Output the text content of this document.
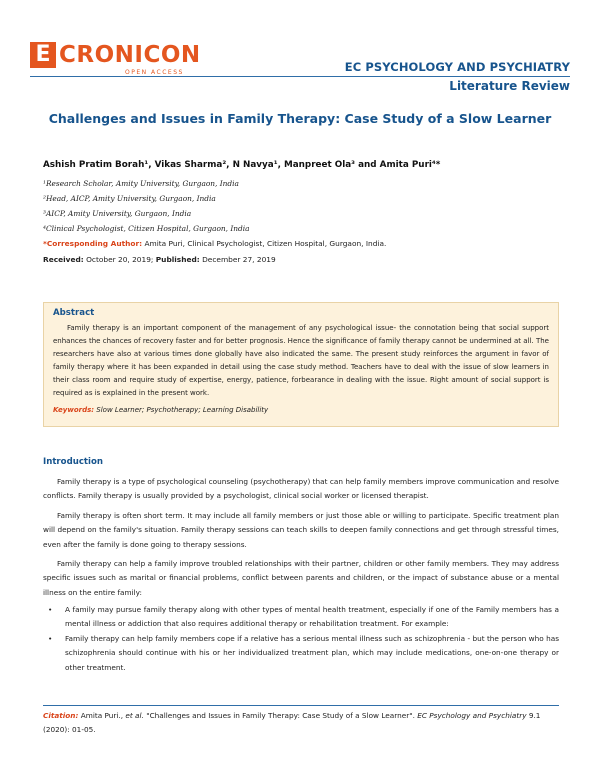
E CRONICON
OPEN ACCESS	EC PSYCHOLOGY AND PSYCHIATRY
Literature Review
Challenges and Issues in Family Therapy: Case Study of a Slow Learner
Ashish Pratim Borah¹, Vikas Sharma², N Navya¹, Manpreet Ola³ and Amita Puri⁴*
¹Research Scholar, Amity University, Gurgaon, India
²Head, AICP, Amity University, Gurgaon, India
³AICP, Amity University, Gurgaon, India
⁴Clinical Psychologist, Citizen Hospital, Gurgaon, India
*Corresponding Author: Amita Puri, Clinical Psychologist, Citizen Hospital, Gurgaon, India.
Received: October 20, 2019; Published: December 27, 2019
Abstract
Family therapy is an important component of the management of any psychological issue- the connotation being that social support enhances the chances of recovery faster and for better prognosis. Hence the significance of family therapy cannot be undermined at all. The researchers have also at various times done globally have also indicated the same. The present study reinforces the argument in favor of family therapy where it has been expanded in detail using the case study method. Teachers have to deal with the issue of slow learners in their class room and require study of expertise, energy, patience, forbearance in dealing with the issue. Right amount of social support is required as is explained in the present work.
Keywords: Slow Learner; Psychotherapy; Learning Disability
Introduction
Family therapy is a type of psychological counseling (psychotherapy) that can help family members improve communication and resolve conflicts. Family therapy is usually provided by a psychologist, clinical social worker or licensed therapist.
Family therapy is often short term. It may include all family members or just those able or willing to participate. Specific treatment plan will depend on the family's situation. Family therapy sessions can teach skills to deepen family connections and get through stressful times, even after the family is done going to therapy sessions.
Family therapy can help a family improve troubled relationships with their partner, children or other family members. They may address specific issues such as marital or financial problems, conflict between parents and children, or the impact of substance abuse or a mental illness on the entire family:
• A family may pursue family therapy along with other types of mental health treatment, especially if one of the Family members has a mental illness or addiction that also requires additional therapy or rehabilitation treatment. For example:
• Family therapy can help family members cope if a relative has a serious mental illness such as schizophrenia - but the person who has schizophrenia should continue with his or her individualized treatment plan, which may include medications, one-on-one therapy or other treatment.
Citation: Amita Puri., et al. "Challenges and Issues in Family Therapy: Case Study of a Slow Learner". EC Psychology and Psychiatry 9.1 (2020): 01-05.
